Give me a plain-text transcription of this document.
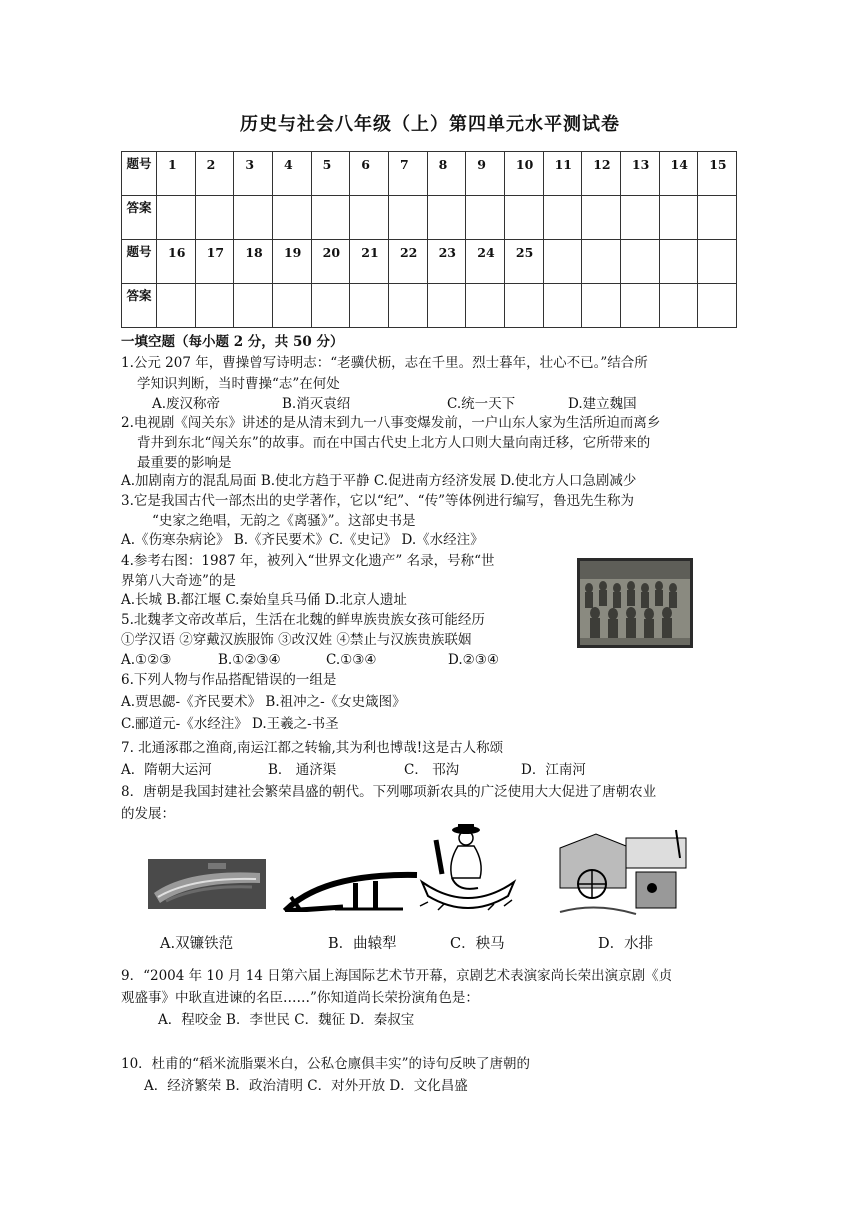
历史与社会八年级（上）第四单元水平测试卷
题号	1	2	3	4	5	6	7	8	9	10	11	12	13	14	15
答案															
题号	16	17	18	19	20	21	22	23	24	25					
答案															
一填空题（每小题 2 分，共 50 分）
1.公元 207 年，曹操曾写诗明志：“老骥伏枥，志在千里。烈士暮年，壮心不已。”结合所
学知识判断，当时曹操“志”在何处
A.废汉称帝	B.消灭袁绍	C.统一天下	D.建立魏国
2.电视剧《闯关东》讲述的是从清末到九一八事变爆发前，一户山东人家为生活所迫而离乡
背井到东北“闯关东”的故事。而在中国古代史上北方人口则大量向南迁移，它所带来的
最重要的影响是
A.加剧南方的混乱局面 B.使北方趋于平静 C.促进南方经济发展 D.使北方人口急剧减少
3.它是我国古代一部杰出的史学著作，它以“纪”、“传”等体例进行编写，鲁迅先生称为
“史家之绝唱，无韵之《离骚》”。这部史书是
A.《伤寒杂病论》 B.《齐民要术》C.《史记》 D.《水经注》
4.参考右图：1987 年，被列入“世界文化遗产” 名录，号称“世
界第八大奇迹”的是
A.长城 B.都江堰 C.秦始皇兵马俑 D.北京人遗址
5.北魏孝文帝改革后，生活在北魏的鲜卑族贵族女孩可能经历
①学汉语 ②穿戴汉族服饰 ③改汉姓 ④禁止与汉族贵族联姻
A.①②③	B.①②③④	C.①③④	D.②③④
6.下列人物与作品搭配错误的一组是
A.贾思勰-《齐民要术》 B.祖冲之-《女史箴图》
C.郦道元-《水经注》 D.王羲之-书圣
7. 北通涿郡之渔商,南运江都之转输,其为利也博哉!这是古人称颂
A．隋朝大运河	B． 通济渠	C． 邗沟	D．江南河
8．唐朝是我国封建社会繁荣昌盛的朝代。下列哪项新农具的广泛使用大大促进了唐朝农业
的发展：
A.双镰铁范	B．曲辕犁	C．秧马	D．水排
9．“2004 年 10 月 14 日第六届上海国际艺术节开幕，京剧艺术表演家尚长荣出演京剧《贞
观盛事》中耿直进谏的名臣……”你知道尚长荣扮演角色是：
A．程咬金 B．李世民 C．魏征 D．秦叔宝
10．杜甫的“稻米流脂粟米白，公私仓廪俱丰实”的诗句反映了唐朝的
A．经济繁荣 B．政治清明 C．对外开放 D．文化昌盛
